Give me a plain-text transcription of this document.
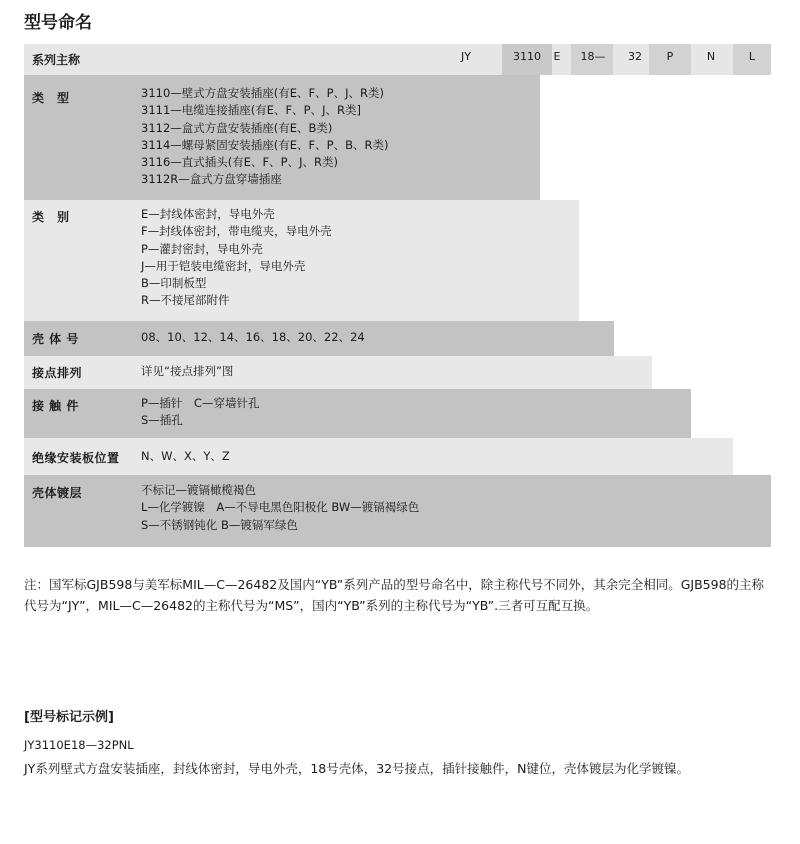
型号命名
系列主称	JY	3110	E	18—	32	P	N	L
类　型	3110—壁式方盘安装插座(有E、F、P、J、R类)
3111—电缆连接插座(有E、F、P、J、R类]
3112—盒式方盘安装插座(有E、B类)
3114—螺母紧固安装插座(有E、F、P、B、R类)
3116—直式插头(有E、F、P、J、R类)
3112R—盒式方盘穿墙插座
类　别	E—封线体密封，导电外壳
F—封线体密封，带电缆夹，导电外壳
P—灌封密封，导电外壳
J—用于铠装电缆密封，导电外壳
B—印制板型
R—不接尾部附件
壳 体 号	08、10、12、14、16、18、20、22、24
接点排列	详见“接点排列”图
接 触 件	P—插针　C—穿墙针孔
S—插孔
绝缘安装板位置 N、W、X、Y、Z
壳体镀层	不标记—镀镉橄榄褐色
L—化学镀镍　A—不导电黑色阳极化 BW—镀镉褐绿色
S—不锈钢钝化 B—镀镉军绿色
注：国军标GJB598与美军标MIL—C—26482及国内“YB”系列产品的型号命名中，除主称代号不同外，其余完全相同。GJB598的主称代号为“JY”，MIL—C—26482的主称代号为“MS”，国内“YB”系列的主称代号为“YB”.三者可互配互换。
[型号标记示例]
JY3110E18—32PNL
JY系列壁式方盘安装插座，封线体密封，导电外壳，18号壳体，32号接点，插针接触件，N键位，壳体镀层为化学镀镍。
